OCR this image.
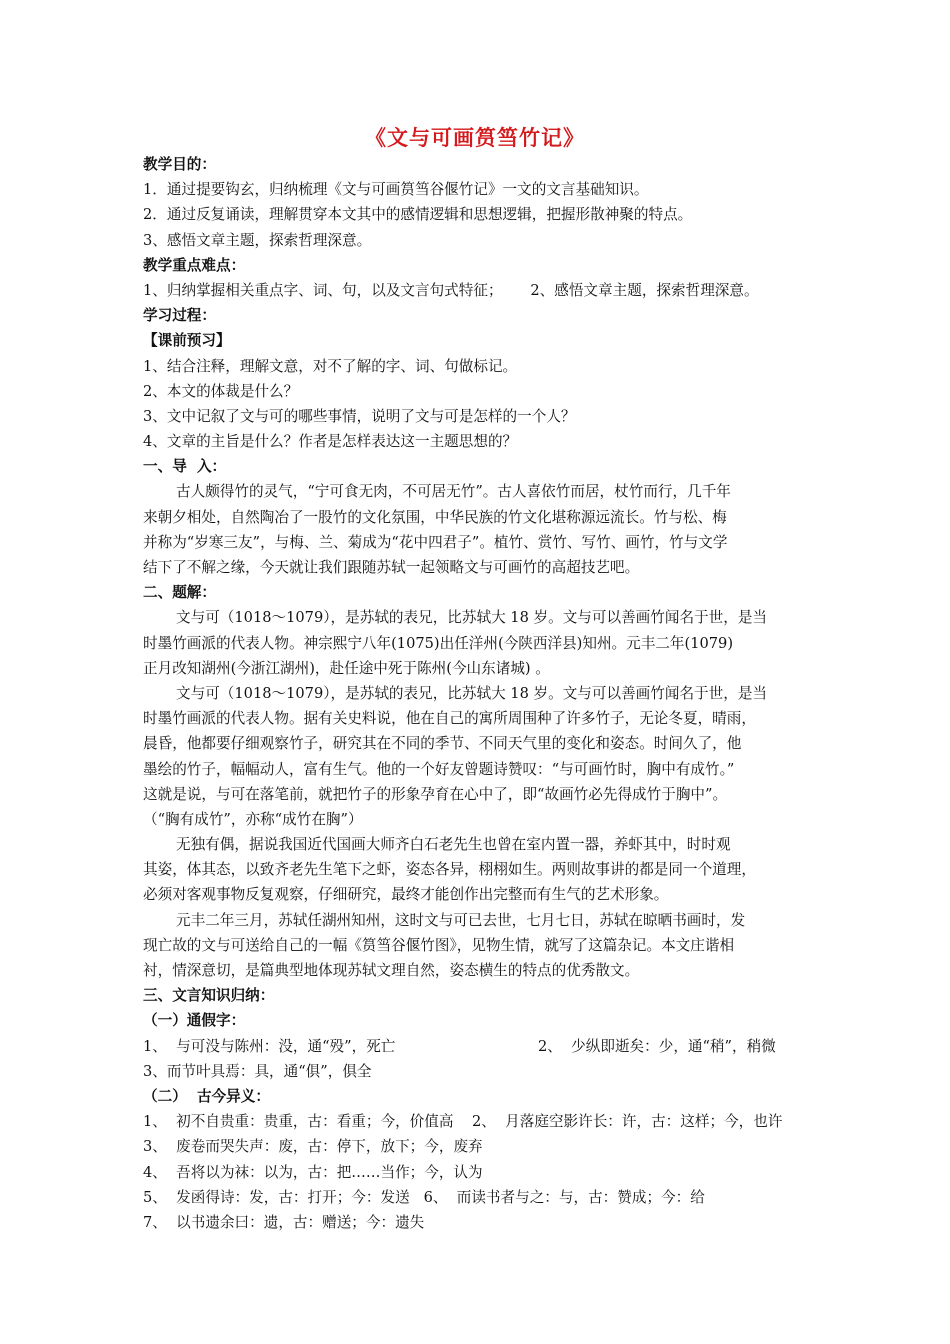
《文与可画筼筜竹记》
教学目的：
1．通过提要钩玄，归纳梳理《文与可画筼筜谷偃竹记》一文的文言基础知识。
2．通过反复诵读，理解贯穿本文其中的感情逻辑和思想逻辑，把握形散神聚的特点。
3、感悟文章主题，探索哲理深意。
教学重点难点：
1、归纳掌握相关重点字、词、句，以及文言句式特征；      2、感悟文章主题，探索哲理深意。
学习过程：
【课前预习】
1、结合注释，理解文意，对不了解的字、词、句做标记。
2、本文的体裁是什么？
3、文中记叙了文与可的哪些事情，说明了文与可是怎样的一个人？
4、文章的主旨是什么？作者是怎样表达这一主题思想的？
一、导  入：
古人颇得竹的灵气，“宁可食无肉，不可居无竹”。古人喜依竹而居，杖竹而行，几千年
来朝夕相处，自然陶冶了一股竹的文化氛围，中华民族的竹文化堪称源远流长。竹与松、梅
并称为“岁寒三友”，与梅、兰、菊成为“花中四君子”。植竹、赏竹、写竹、画竹，竹与文学
结下了不解之缘，今天就让我们跟随苏轼一起领略文与可画竹的高超技艺吧。
二、题解：
文与可（1018～1079），是苏轼的表兄，比苏轼大 18 岁。文与可以善画竹闻名于世，是当
时墨竹画派的代表人物。神宗熙宁八年(1075)出任洋州(今陕西洋县)知州。元丰二年(1079)
正月改知湖州(今浙江湖州)，赴任途中死于陈州(今山东诸城) 。
文与可（1018～1079），是苏轼的表兄，比苏轼大 18 岁。文与可以善画竹闻名于世，是当
时墨竹画派的代表人物。据有关史料说，他在自己的寓所周围种了许多竹子，无论冬夏，晴雨，
晨昏，他都要仔细观察竹子，研究其在不同的季节、不同天气里的变化和姿态。时间久了，他
墨绘的竹子，幅幅动人，富有生气。他的一个好友曾题诗赞叹：“与可画竹时，胸中有成竹。”
这就是说，与可在落笔前，就把竹子的形象孕育在心中了，即“故画竹必先得成竹于胸中”。
（“胸有成竹”，亦称“成竹在胸”）
无独有偶，据说我国近代国画大师齐白石老先生也曾在室内置一器，养虾其中，时时观
其姿，体其态，以致齐老先生笔下之虾，姿态各异，栩栩如生。两则故事讲的都是同一个道理，
必须对客观事物反复观察，仔细研究，最终才能创作出完整而有生气的艺术形象。
元丰二年三月，苏轼任湖州知州，这时文与可已去世，七月七日，苏轼在晾晒书画时，发
现亡故的文与可送给自己的一幅《筼筜谷偃竹图》，见物生情，就写了这篇杂记。本文庄谐相
衬，情深意切，是篇典型地体现苏轼文理自然，姿态横生的特点的优秀散文。
三、文言知识归纳：
（一）通假字：
1、  与可没与陈州：没，通“殁”，死亡	2、  少纵即逝矣：少，通“稍”，稍微
3、而节叶具焉：具，通“俱”，俱全
（二）  古今异义：
1、  初不自贵重：贵重，古：看重；今，价值高    2、  月落庭空影许长：许，古：这样；今，也许
3、  废卷而哭失声：废，古：停下，放下；今，废弃
4、  吾将以为袜：以为，古：把……当作；今，认为
5、  发函得诗：发，古：打开；今：发送   6、  而读书者与之：与，古：赞成；今：给
7、  以书遗余曰：遗，古：赠送；今：遗失
